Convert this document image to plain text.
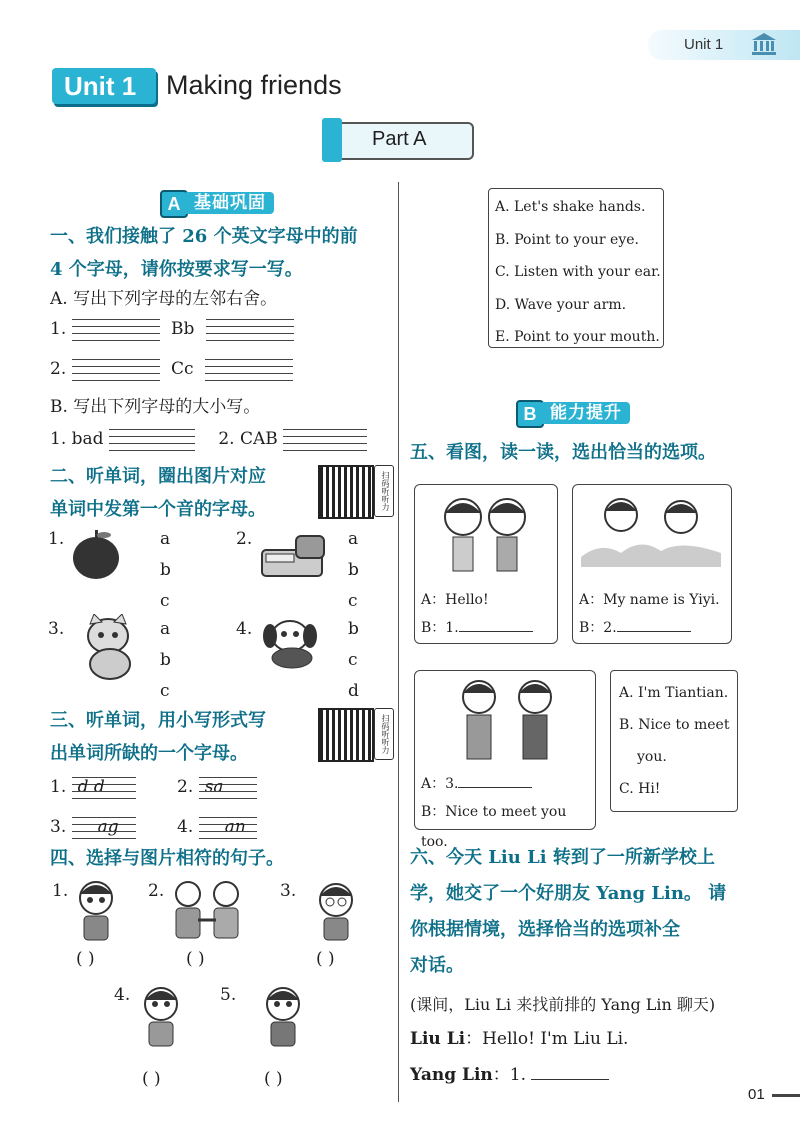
Unit 1
Unit 1 Making friends
Part A
A 基础巩固
一、我们接触了 26 个英文字母中的前
4 个字母，请你按要求写一写。
A. 写出下列字母的左邻右舍。
1.	Bb
2.	Cc
B. 写出下列字母的大小写。
1. bad	2. CAB
二、听单词，圈出图片对应
单词中发第一个音的字母。	扫码听听力
1.	a
b
c
2.	a
b
c
3.	a
b
c
4.	b
c
d
三、听单词，用小写形式写
出单词所缺的一个字母。	扫码听听力
1. d d	2. sa
3. ag	4. an
四、选择与图片相符的句子。
1.
( )
2.
( )
3.
( )
4.
( )
5.
( )
A. Let's shake hands.
B. Point to your eye.
C. Listen with your ear.
D. Wave your arm.
E. Point to your mouth.
B 能力提升
五、看图，读一读，选出恰当的选项。
A：Hello!
B：1.
A：My name is Yiyi.
B：2.
A：3.
B：Nice to meet you too.
A. I'm Tiantian.
B. Nice to meet
you.
C. Hi!
六、今天 Liu Li 转到了一所新学校上
学，她交了一个好朋友 Yang Lin。 请
你根据情境，选择恰当的选项补全
对话。
(课间，Liu Li 来找前排的 Yang Lin 聊天)
Liu Li：Hello! I'm Liu Li.
Yang Lin：1.
01
